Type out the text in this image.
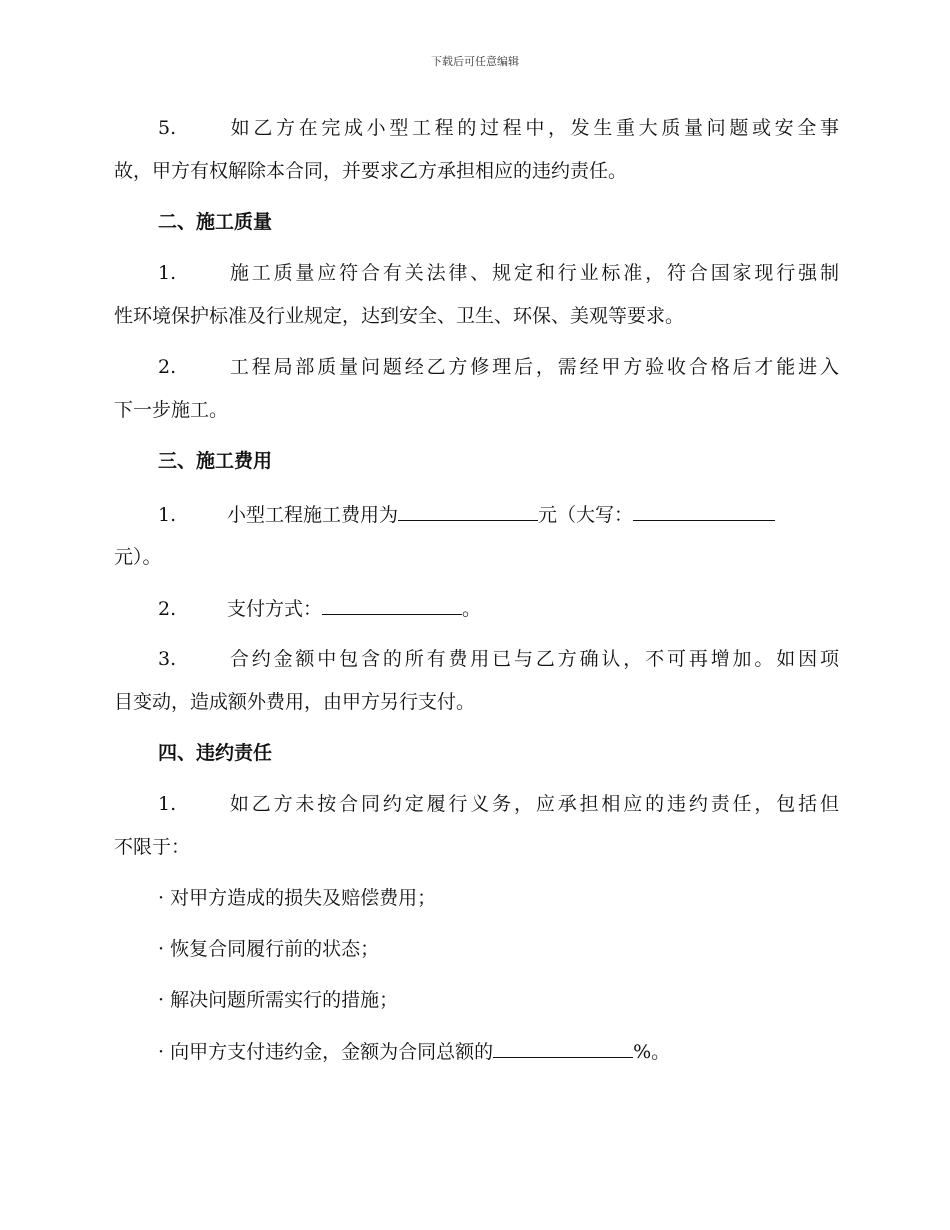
下载后可任意编辑
5.	如乙方在完成小型工程的过程中，发生重大质量问题或安全事
故，甲方有权解除本合同，并要求乙方承担相应的违约责任。
二、施工质量
1.	施工质量应符合有关法律、规定和行业标准，符合国家现行强制
性环境保护标准及行业规定，达到安全、卫生、环保、美观等要求。
2.	工程局部质量问题经乙方修理后，需经甲方验收合格后才能进入
下一步施工。
三、施工费用
1.	小型工程施工费用为	元（大写：
元）。
2.	支付方式：	。
3.	合约金额中包含的所有费用已与乙方确认，不可再增加。如因项
目变动，造成额外费用，由甲方另行支付。
四、违约责任
1.	如乙方未按合同约定履行义务，应承担相应的违约责任，包括但
不限于：
· 对甲方造成的损失及赔偿费用；
· 恢复合同履行前的状态；
· 解决问题所需实行的措施；
· 向甲方支付违约金，金额为合同总额的	%。
